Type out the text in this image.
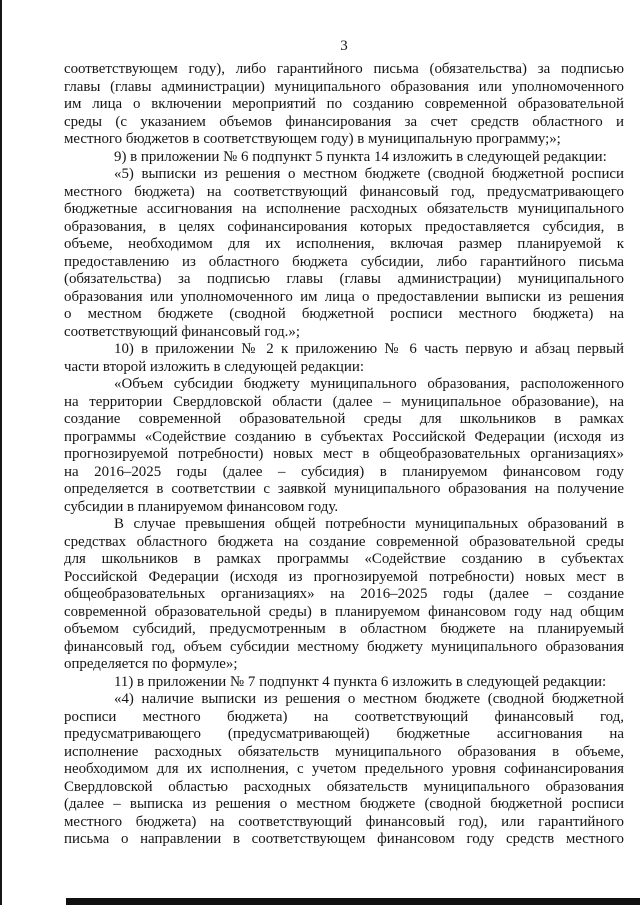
3
соответствующем году), либо гарантийного письма (обязательства) за подписью
главы (главы администрации) муниципального образования или уполномоченного
им лица о включении мероприятий по созданию современной образовательной
среды (с указанием объемов финансирования за счет средств областного и
местного бюджетов в соответствующем году) в муниципальную программу;»;
9) в приложении № 6 подпункт 5 пункта 14 изложить в следующей редакции:
«5) выписки из решения о местном бюджете (сводной бюджетной росписи
местного бюджета) на соответствующий финансовый год, предусматривающего
бюджетные ассигнования на исполнение расходных обязательств муниципального
образования, в целях софинансирования которых предоставляется субсидия, в
объеме, необходимом для их исполнения, включая размер планируемой к
предоставлению из областного бюджета субсидии, либо гарантийного письма
(обязательства) за подписью главы (главы администрации) муниципального
образования или уполномоченного им лица о предоставлении выписки из решения
о местном бюджете (сводной бюджетной росписи местного бюджета) на
соответствующий финансовый год.»;
10) в приложении № 2 к приложению № 6 часть первую и абзац первый
части второй изложить в следующей редакции:
«Объем субсидии бюджету муниципального образования, расположенного
на территории Свердловской области (далее – муниципальное образование), на
создание современной образовательной среды для школьников в рамках
программы «Содействие созданию в субъектах Российской Федерации (исходя из
прогнозируемой потребности) новых мест в общеобразовательных организациях»
на 2016–2025 годы (далее – субсидия) в планируемом финансовом году
определяется в соответствии с заявкой муниципального образования на получение
субсидии в планируемом финансовом году.
В случае превышения общей потребности муниципальных образований в
средствах областного бюджета на создание современной образовательной среды
для школьников в рамках программы «Содействие созданию в субъектах
Российской Федерации (исходя из прогнозируемой потребности) новых мест в
общеобразовательных организациях» на 2016–2025 годы (далее – создание
современной образовательной среды) в планируемом финансовом году над общим
объемом субсидий, предусмотренным в областном бюджете на планируемый
финансовый год, объем субсидии местному бюджету муниципального образования
определяется по формуле»;
11) в приложении № 7 подпункт 4 пункта 6 изложить в следующей редакции:
«4) наличие выписки из решения о местном бюджете (сводной бюджетной
росписи местного бюджета) на соответствующий финансовый год,
предусматривающего (предусматривающей) бюджетные ассигнования на
исполнение расходных обязательств муниципального образования в объеме,
необходимом для их исполнения, с учетом предельного уровня софинансирования
Свердловской областью расходных обязательств муниципального образования
(далее – выписка из решения о местном бюджете (сводной бюджетной росписи
местного бюджета) на соответствующий финансовый год), или гарантийного
письма о направлении в соответствующем финансовом году средств местного
